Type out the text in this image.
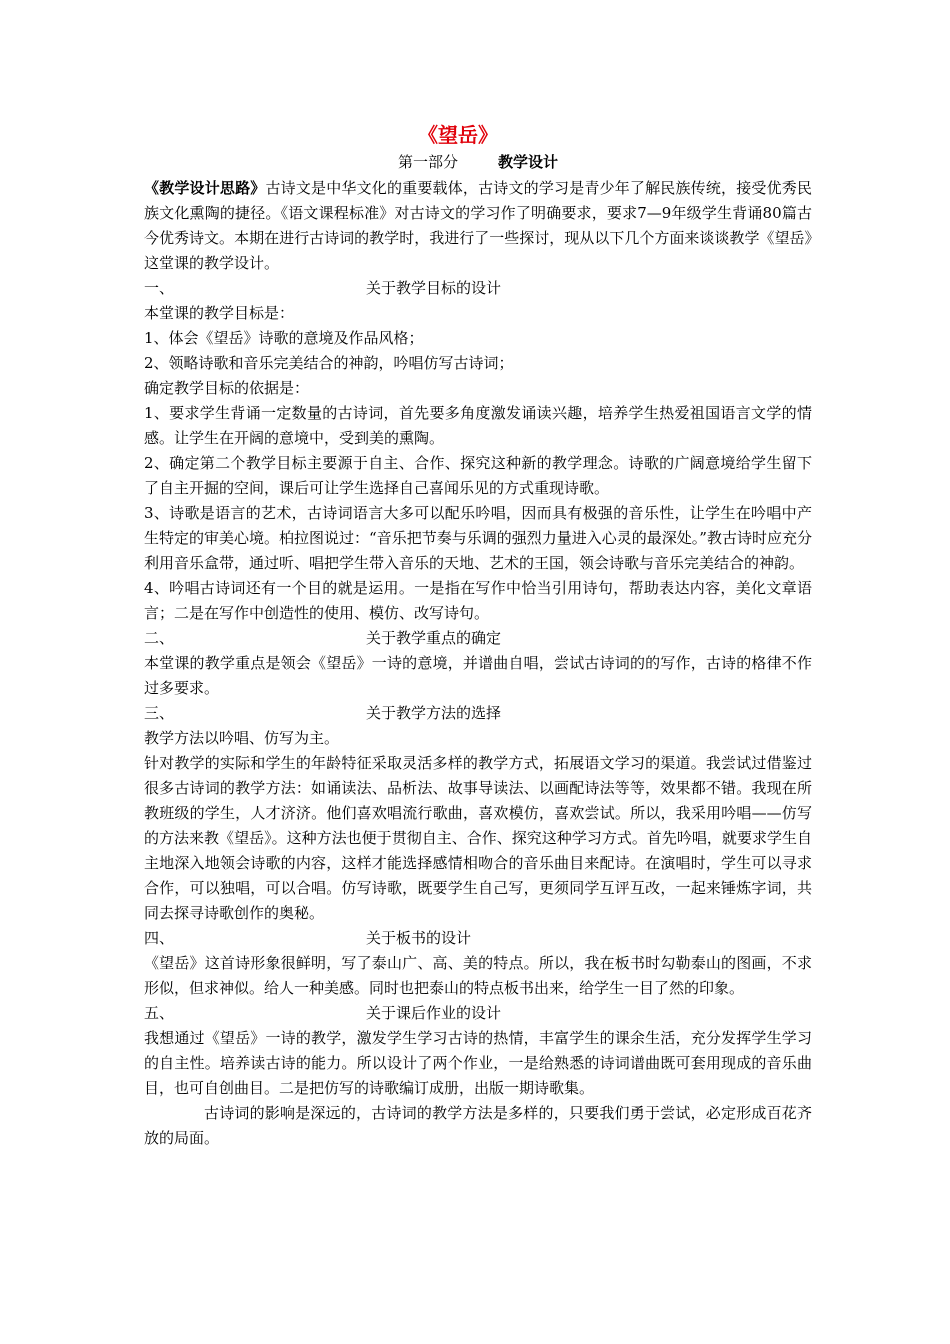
《望岳》
第一部分	教学设计

《教学设计思路》古诗文是中华文化的重要载体，古诗文的学习是青少年了解民族传统，接受优秀民族文化熏陶的捷径。《语文课程标准》对古诗文的学习作了明确要求，要求7—9年级学生背诵80篇古今优秀诗文。本期在进行古诗词的教学时，我进行了一些探讨，现从以下几个方面来谈谈教学《望岳》这堂课的教学设计。

一、	关于教学目标的设计

本堂课的教学目标是：

1、体会《望岳》诗歌的意境及作品风格；

2、领略诗歌和音乐完美结合的神韵，吟唱仿写古诗词；

确定教学目标的依据是：

1、要求学生背诵一定数量的古诗词，首先要多角度激发诵读兴趣，培养学生热爱祖国语言文学的情感。让学生在开阔的意境中，受到美的熏陶。

2、确定第二个教学目标主要源于自主、合作、探究这种新的教学理念。诗歌的广阔意境给学生留下了自主开掘的空间，课后可让学生选择自己喜闻乐见的方式重现诗歌。

3、诗歌是语言的艺术，古诗词语言大多可以配乐吟唱，因而具有极强的音乐性，让学生在吟唱中产生特定的审美心境。柏拉图说过：“音乐把节奏与乐调的强烈力量进入心灵的最深处。”教古诗时应充分利用音乐盒带，通过听、唱把学生带入音乐的天地、艺术的王国，领会诗歌与音乐完美结合的神韵。

4、吟唱古诗词还有一个目的就是运用。一是指在写作中恰当引用诗句，帮助表达内容，美化文章语言；二是在写作中创造性的使用、模仿、改写诗句。

二、	关于教学重点的确定

本堂课的教学重点是领会《望岳》一诗的意境，并谱曲自唱，尝试古诗词的的写作，古诗的格律不作过多要求。

三、	关于教学方法的选择

教学方法以吟唱、仿写为主。

针对教学的实际和学生的年龄特征采取灵活多样的教学方式，拓展语文学习的渠道。我尝试过借鉴过很多古诗词的教学方法：如诵读法、品析法、故事导读法、以画配诗法等等，效果都不错。我现在所教班级的学生，人才济济。他们喜欢唱流行歌曲，喜欢模仿，喜欢尝试。所以，我采用吟唱——仿写的方法来教《望岳》。这种方法也便于贯彻自主、合作、探究这种学习方式。首先吟唱，就要求学生自主地深入地领会诗歌的内容，这样才能选择感情相吻合的音乐曲目来配诗。在演唱时，学生可以寻求合作，可以独唱，可以合唱。仿写诗歌，既要学生自己写，更须同学互评互改，一起来锤炼字词，共同去探寻诗歌创作的奥秘。

四、	关于板书的设计

《望岳》这首诗形象很鲜明，写了泰山广、高、美的特点。所以，我在板书时勾勒泰山的图画，不求形似，但求神似。给人一种美感。同时也把泰山的特点板书出来，给学生一目了然的印象。

五、	关于课后作业的设计

我想通过《望岳》一诗的教学，激发学生学习古诗的热情，丰富学生的课余生活，充分发挥学生学习的自主性。培养读古诗的能力。所以设计了两个作业，一是给熟悉的诗词谱曲既可套用现成的音乐曲目，也可自创曲目。二是把仿写的诗歌编订成册，出版一期诗歌集。

古诗词的影响是深远的，古诗词的教学方法是多样的，只要我们勇于尝试，必定形成百花齐放的局面。
